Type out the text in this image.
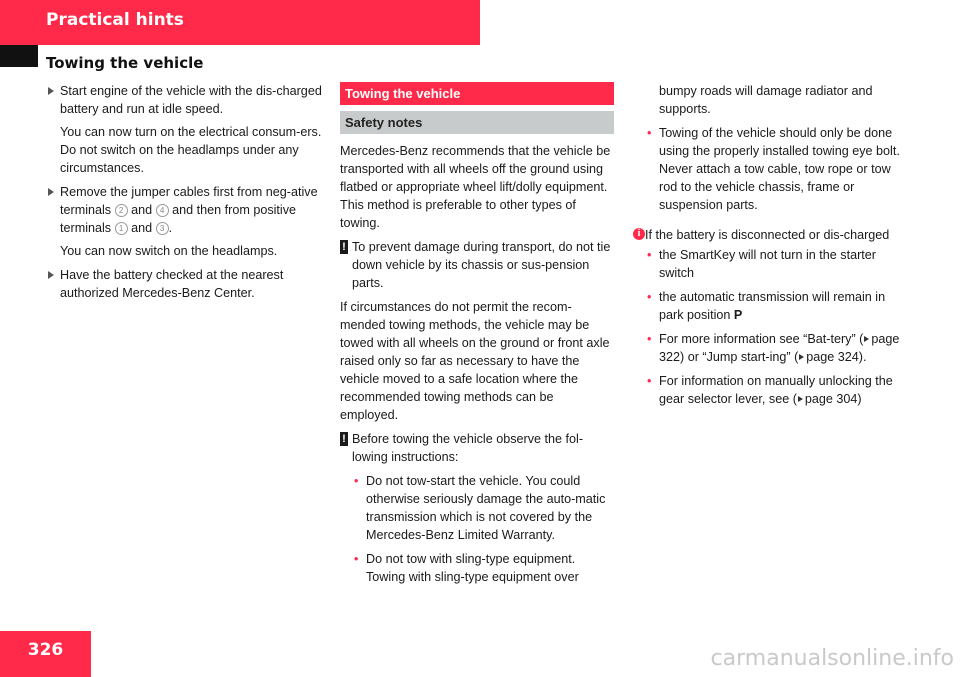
Practical hints
Towing the vehicle

Start engine of the vehicle with the dis-charged battery and run at idle speed.

You can now turn on the electrical consum-ers. Do not switch on the headlamps under any circumstances.

Remove the jumper cables first from neg-ative terminals 2 and 4 and then from positive terminals 1 and 3 .

You can now switch on the headlamps.

Have the battery checked at the nearest authorized Mercedes-Benz Center.

Towing the vehicle
Safety notes

Mercedes-Benz recommends that the vehicle be transported with all wheels off the ground using flatbed or appropriate wheel lift/dolly equipment. This method is preferable to other types of towing.

! To prevent damage during transport, do not tie down vehicle by its chassis or sus-pension parts.

If circumstances do not permit the recom-mended towing methods, the vehicle may be towed with all wheels on the ground or front axle raised only so far as necessary to have the vehicle moved to a safe location where the recommended towing methods can be employed.

! Before towing the vehicle observe the fol-lowing instructions:

• Do not tow-start the vehicle. You could otherwise seriously damage the auto-matic transmission which is not covered by the Mercedes-Benz Limited Warranty.

• Do not tow with sling-type equipment. Towing with sling-type equipment over

bumpy roads will damage radiator and supports.

• Towing of the vehicle should only be done using the properly installed towing eye bolt. Never attach a tow cable, tow rope or tow rod to the vehicle chassis, frame or suspension parts.

i If the battery is disconnected or dis-charged

• the SmartKey will not turn in the starter switch

• the automatic transmission will remain in park position P

• For more information see “Bat-tery” ( page 322) or “Jump start-ing” ( page 324).

• For information on manually unlocking the gear selector lever, see ( page 304)

326	carmanualsonline.info
